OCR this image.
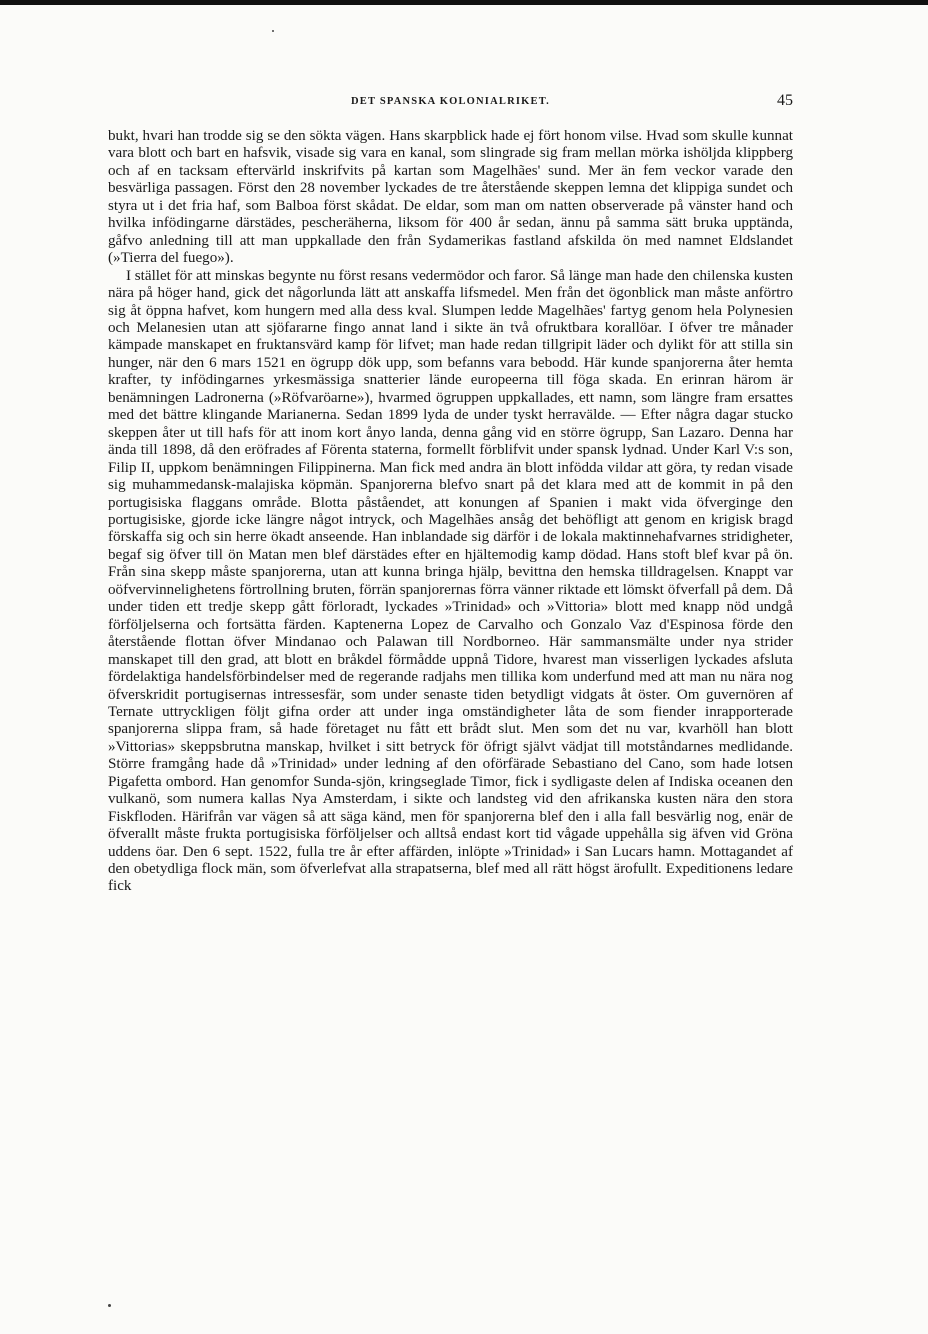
DET SPANSKA KOLONIALRIKET.	45

bukt, hvari han trodde sig se den sökta vägen. Hans skarpblick hade ej fört honom vilse. Hvad som skulle kunnat vara blott och bart en hafsvik, visade sig vara en kanal, som slingrade sig fram mellan mörka ishöljda klippberg och af en tacksam eftervärld inskrifvits på kartan som Magelhães' sund. Mer än fem veckor varade den besvärliga passagen. Först den 28 november lyckades de tre återstående skeppen lemna det klippiga sundet och styra ut i det fria haf, som Balboa först skådat. De eldar, som man om natten observerade på vänster hand och hvilka infödingarne därstädes, pescheräherna, liksom för 400 år sedan, ännu på samma sätt bruka upptända, gåfvo anledning till att man uppkallade den från Sydamerikas fastland afskilda ön med namnet Eldslandet (»Tierra del fuego»).

I stället för att minskas begynte nu först resans vedermödor och faror. Så länge man hade den chilenska kusten nära på höger hand, gick det någorlunda lätt att anskaffa lifsmedel. Men från det ögonblick man måste anförtro sig åt öppna hafvet, kom hungern med alla dess kval. Slumpen ledde Magelhães' fartyg genom hela Polynesien och Melanesien utan att sjöfararne fingo annat land i sikte än två ofruktbara korallöar. I öfver tre månader kämpade manskapet en fruktansvärd kamp för lifvet; man hade redan tillgripit läder och dylikt för att stilla sin hunger, när den 6 mars 1521 en ögrupp dök upp, som befanns vara bebodd. Här kunde spanjorerna åter hemta krafter, ty infödingarnes yrkesmässiga snatterier lände europeerna till föga skada. En erinran härom är benämningen Ladronerna (»Röfvaröarne»), hvarmed ögruppen uppkallades, ett namn, som längre fram ersattes med det bättre klingande Marianerna. Sedan 1899 lyda de under tyskt herravälde. — Efter några dagar stucko skeppen åter ut till hafs för att inom kort ånyo landa, denna gång vid en större ögrupp, San Lazaro. Denna har ända till 1898, då den eröfrades af Förenta staterna, formellt förblifvit under spansk lydnad. Under Karl V:s son, Filip II, uppkom benämningen Filippinerna. Man fick med andra än blott infödda vildar att göra, ty redan visade sig muhammedansk-malajiska köpmän. Spanjorerna blefvo snart på det klara med att de kommit in på den portugisiska flaggans område. Blotta påståendet, att konungen af Spanien i makt vida öfverginge den portugisiske, gjorde icke längre något intryck, och Magelhães ansåg det behöfligt att genom en krigisk bragd förskaffa sig och sin herre ökadt anseende. Han inblandade sig därför i de lokala maktinnehafvarnes stridigheter, begaf sig öfver till ön Matan men blef därstädes efter en hjältemodig kamp dödad. Hans stoft blef kvar på ön. Från sina skepp måste spanjorerna, utan att kunna bringa hjälp, bevittna den hemska tilldragelsen. Knappt var oöfvervinnelighetens förtrollning bruten, förrän spanjorernas förra vänner riktade ett lömskt öfverfall på dem. Då under tiden ett tredje skepp gått förloradt, lyckades »Trinidad» och »Vittoria» blott med knapp nöd undgå förföljelserna och fortsätta färden. Kaptenerna Lopez de Carvalho och Gonzalo Vaz d'Espinosa förde den återstående flottan öfver Mindanao och Palawan till Nordborneo. Här sammansmälte under nya strider manskapet till den grad, att blott en bråkdel förmådde uppnå Tidore, hvarest man visserligen lyckades afsluta fördelaktiga handelsförbindelser med de regerande radjahs men tillika kom underfund med att man nu nära nog öfverskridit portugisernas intressesfär, som under senaste tiden betydligt vidgats åt öster. Om guvernören af Ternate uttryckligen följt gifna order att under inga omständigheter låta de som fiender inrapporterade spanjorerna slippa fram, så hade företaget nu fått ett brådt slut. Men som det nu var, kvarhöll han blott »Vittorias» skeppsbrutna manskap, hvilket i sitt betryck för öfrigt självt vädjat till motståndarnes medlidande. Större framgång hade då »Trinidad» under ledning af den oförfärade Sebastiano del Cano, som hade lotsen Pigafetta ombord. Han genomfor Sunda-sjön, kringseglade Timor, fick i sydligaste delen af Indiska oceanen den vulkanö, som numera kallas Nya Amsterdam, i sikte och landsteg vid den afrikanska kusten nära den stora Fiskfloden. Härifrån var vägen så att säga känd, men för spanjorerna blef den i alla fall besvärlig nog, enär de öfverallt måste frukta portugisiska förföljelser och alltså endast kort tid vågade uppehålla sig äfven vid Gröna uddens öar. Den 6 sept. 1522, fulla tre år efter affärden, inlöpte »Trinidad» i San Lucars hamn. Mottagandet af den obetydliga flock män, som öfverlefvat alla strapatserna, blef med all rätt högst ärofullt. Expeditionens ledare fick
